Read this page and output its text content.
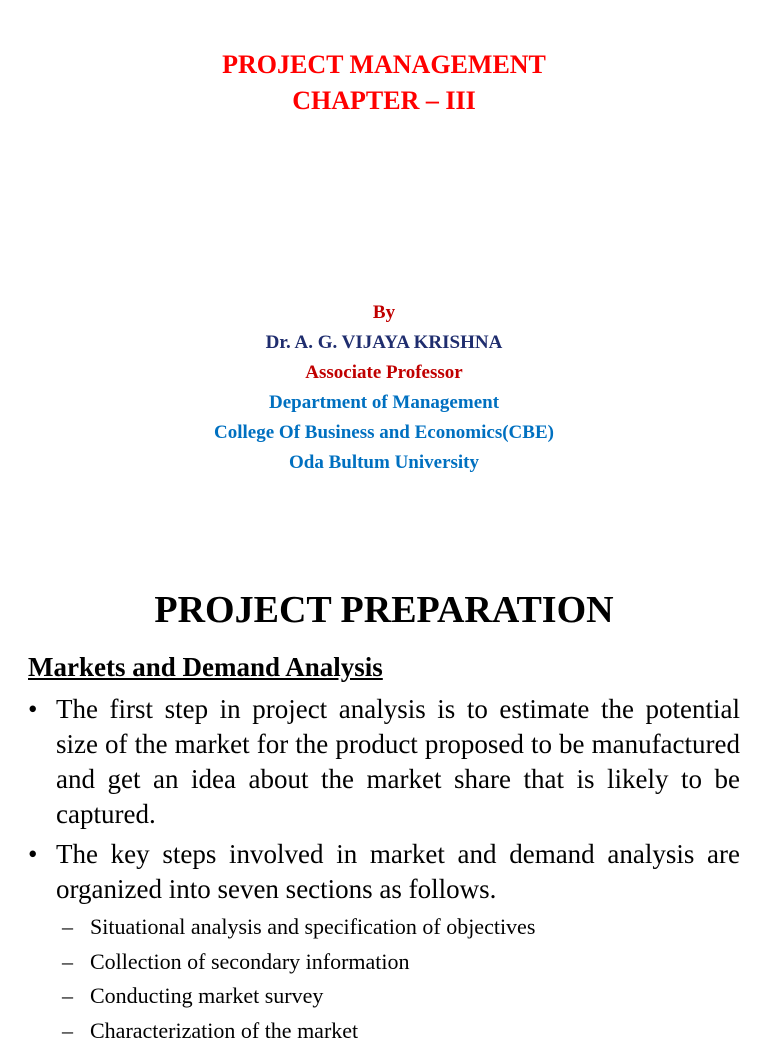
PROJECT MANAGEMENT
CHAPTER – III
By
Dr. A. G. VIJAYA KRISHNA
Associate Professor
Department of Management
College Of Business and Economics(CBE)
Oda Bultum University
PROJECT PREPARATION
Markets and Demand Analysis
• The first step in project analysis is to estimate the potential size of the market for the product proposed to be manufactured and get an idea about the market share that is likely to be captured.
• The key steps involved in market and demand analysis are organized into seven sections as follows.
– Situational analysis and specification of objectives
– Collection of secondary information
– Conducting market survey
– Characterization of the market
